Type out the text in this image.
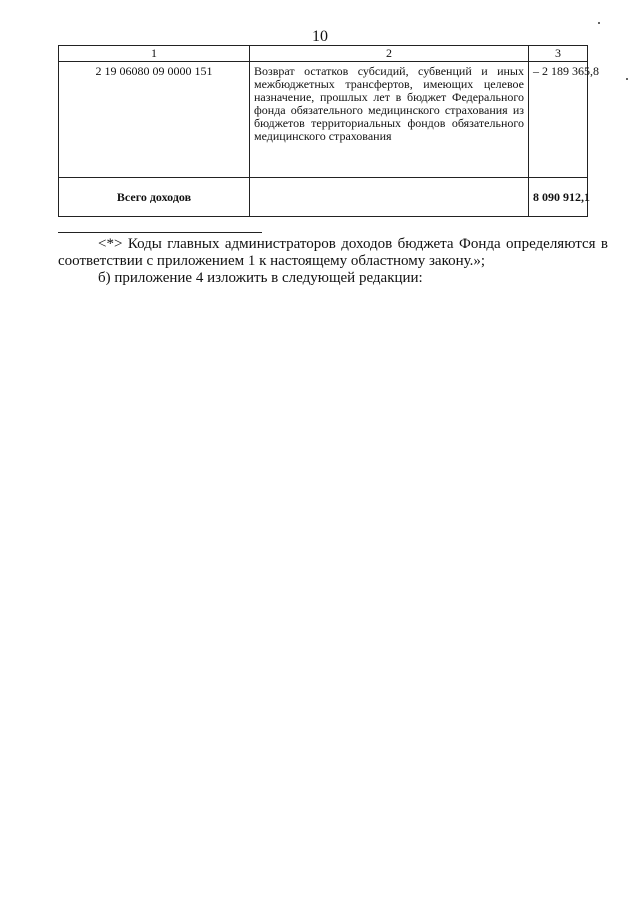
10
1	2	3
2 19 06080 09 0000 151	Возврат остатков субсидий, субвенций и иных межбюджетных трансфертов, имеющих целевое назначение, прошлых лет в бюджет Федерального фонда обязательного медицинского страхования из бюджетов территориальных фондов обязательного медицинского страхования	– 2 189 365,8
Всего доходов		8 090 912,1

<*> Коды главных администраторов доходов бюджета Фонда определяются в соответствии с приложением 1 к настоящему областному закону.»;

б) приложение 4 изложить в следующей редакции:
